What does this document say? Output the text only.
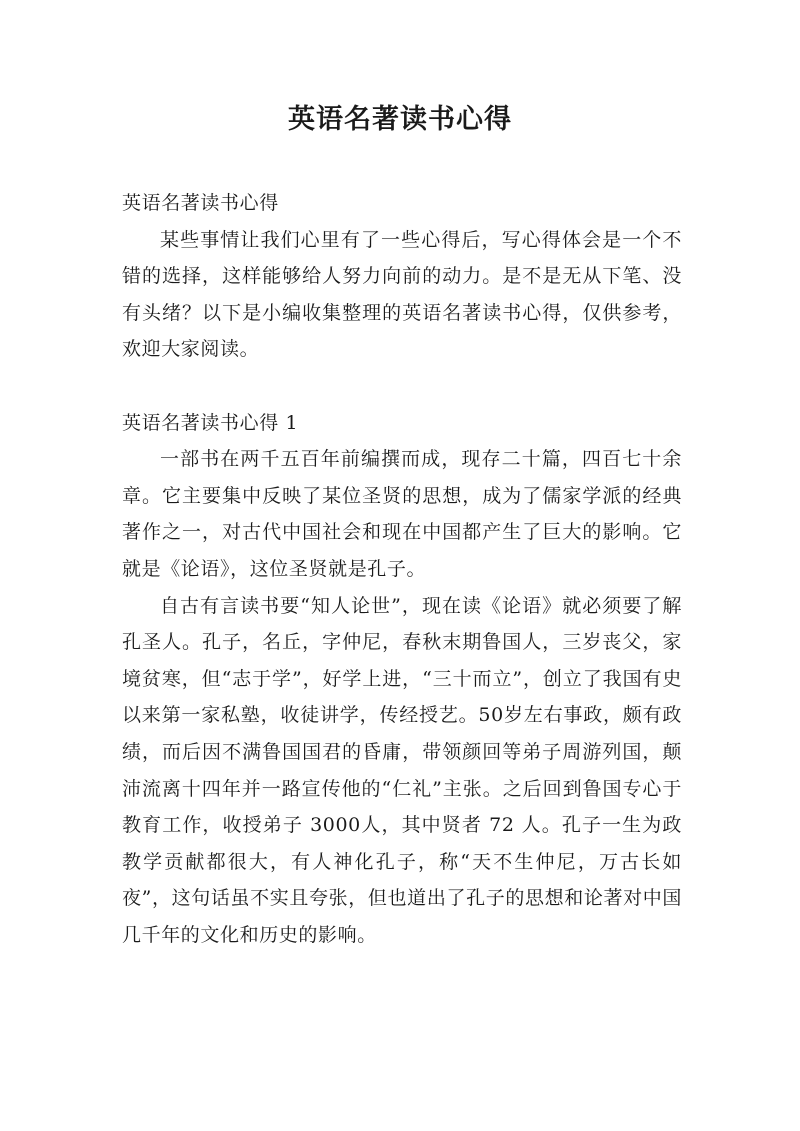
英语名著读书心得

英语名著读书心得

某些事情让我们心里有了一些心得后，写心得体会是一个不错的选择，这样能够给人努力向前的动力。是不是无从下笔、没有头绪？以下是小编收集整理的英语名著读书心得，仅供参考，欢迎大家阅读。

英语名著读书心得 1

一部书在两千五百年前编撰而成，现存二十篇，四百七十余章。它主要集中反映了某位圣贤的思想，成为了儒家学派的经典著作之一，对古代中国社会和现在中国都产生了巨大的影响。它就是《论语》，这位圣贤就是孔子。

自古有言读书要“知人论世”，现在读《论语》就必须要了解孔圣人。孔子，名丘，字仲尼，春秋末期鲁国人，三岁丧父，家境贫寒，但“志于学”，好学上进，“三十而立”，创立了我国有史以来第一家私塾，收徒讲学，传经授艺。50岁左右事政，颇有政绩，而后因不满鲁国国君的昏庸，带领颜回等弟子周游列国，颠沛流离十四年并一路宣传他的“仁礼”主张。之后回到鲁国专心于教育工作，收授弟子 3000人，其中贤者 72 人。孔子一生为政教学贡献都很大，有人神化孔子，称“天不生仲尼，万古长如夜”，这句话虽不实且夸张，但也道出了孔子的思想和论著对中国几千年的文化和历史的影响。
